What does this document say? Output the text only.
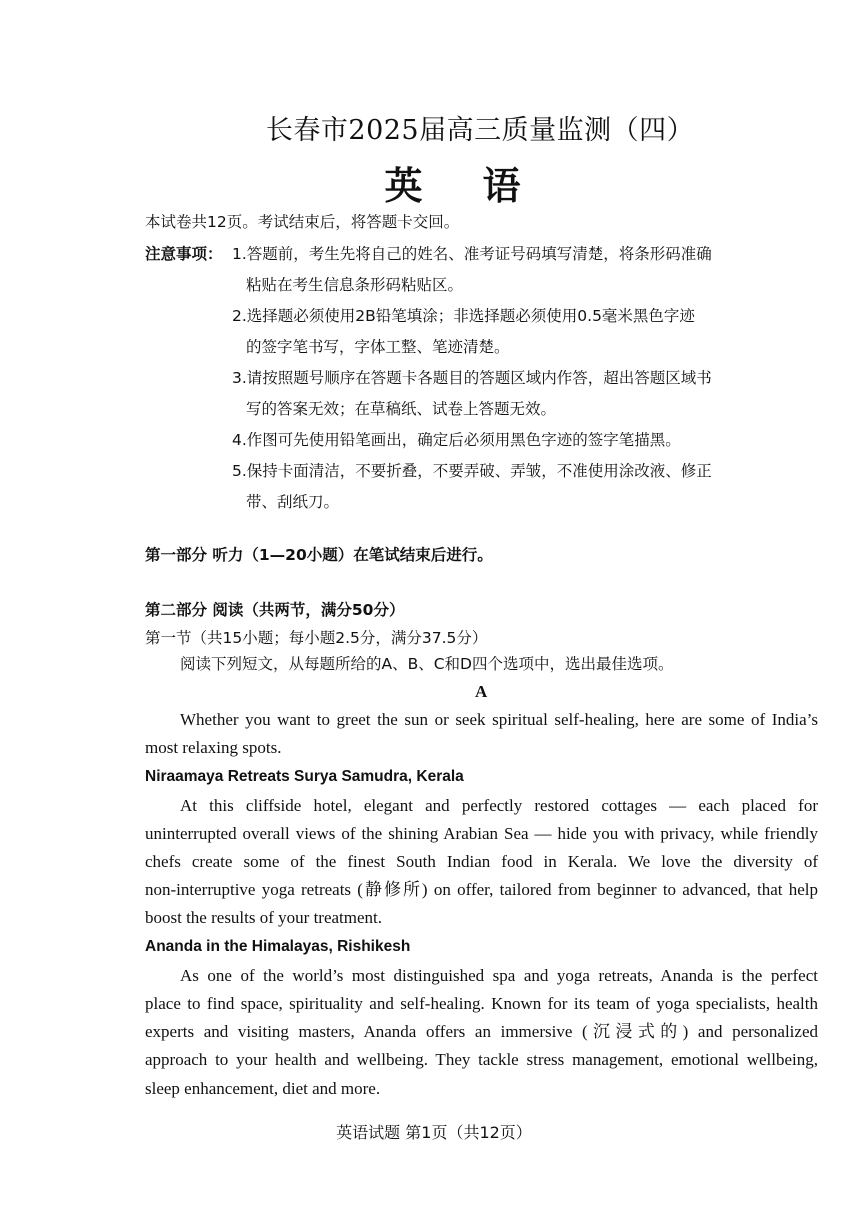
长春市2025届高三质量监测（四）
英语
本试卷共12页。考试结束后，将答题卡交回。
注意事项： 1.答题前，考生先将自己的姓名、准考证号码填写清楚，将条形码准确
粘贴在考生信息条形码粘贴区。
2.选择题必须使用2B铅笔填涂；非选择题必须使用0.5毫米黑色字迹
的签字笔书写，字体工整、笔迹清楚。
3.请按照题号顺序在答题卡各题目的答题区域内作答，超出答题区域书
写的答案无效；在草稿纸、试卷上答题无效。
4.作图可先使用铅笔画出，确定后必须用黑色字迹的签字笔描黑。
5.保持卡面清洁，不要折叠，不要弄破、弄皱，不准使用涂改液、修正
带、刮纸刀。
第一部分 听力（1—20小题）在笔试结束后进行。
第二部分 阅读（共两节，满分50分）
第一节（共15小题；每小题2.5分，满分37.5分）
阅读下列短文，从每题所给的A、B、C和D四个选项中，选出最佳选项。
A
Whether you want to greet the sun or seek spiritual self-healing, here are some of India’s
most relaxing spots.
Niraamaya Retreats Surya Samudra, Kerala
At this cliffside hotel, elegant and perfectly restored cottages — each placed for
uninterrupted overall views of the shining Arabian Sea — hide you with privacy, while friendly
chefs create some of the finest South Indian food in Kerala. We love the diversity of
non-interruptive yoga retreats (静修所) on offer, tailored from beginner to advanced, that help
boost the results of your treatment.
Ananda in the Himalayas, Rishikesh
As one of the world’s most distinguished spa and yoga retreats, Ananda is the perfect
place to find space, spirituality and self-healing. Known for its team of yoga specialists, health
experts and visiting masters, Ananda offers an immersive (沉浸式的) and personalized
approach to your health and wellbeing. They tackle stress management, emotional wellbeing,
sleep enhancement, diet and more.
英语试题 第1页（共12页）
